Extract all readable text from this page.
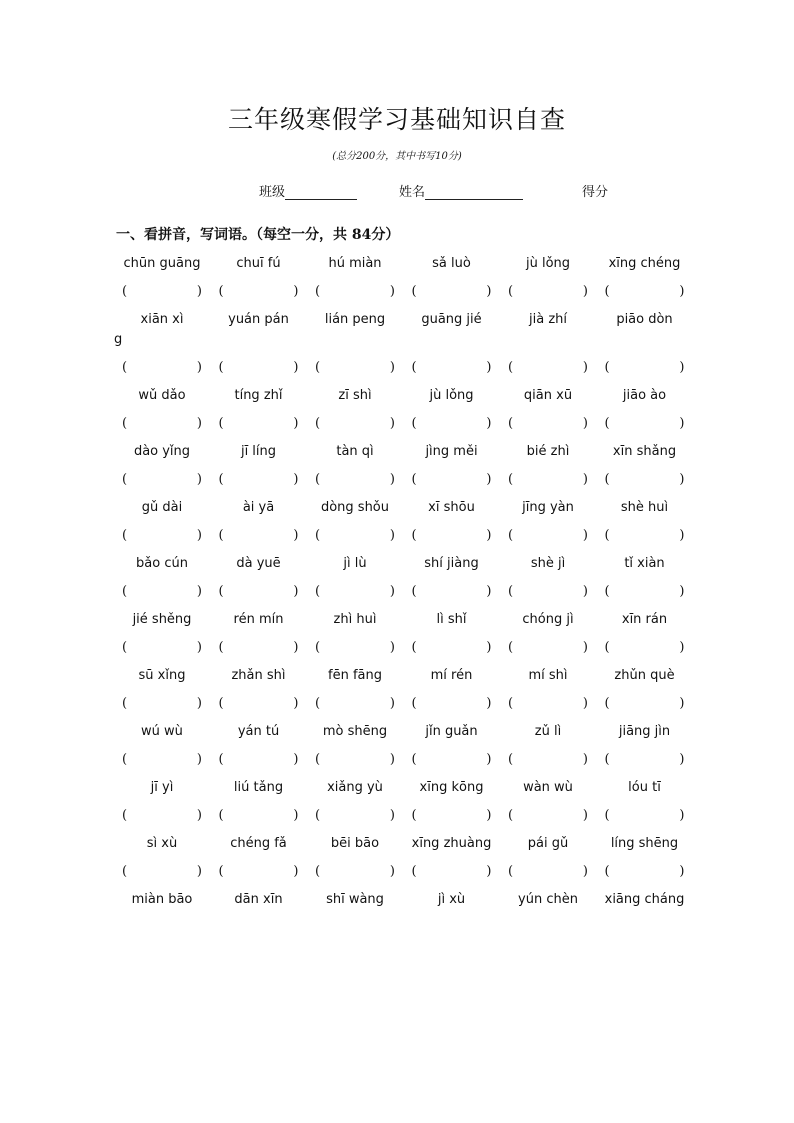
三年级寒假学习基础知识自查
(总分200分，其中书写10分)
班级	姓名	得分
一、看拼音，写词语。（每空一分，共 84分）
chūn guāng	chuī fú	hú miàn	sǎ luò	jù lǒng	xīng chéng
(	) (	) (	) (	) (	) (	)
xiān xì	yuán pán	lián peng	guāng jié	jià zhí	piāo dòn
g
(	) (	) (	) (	) (	) (	)
wǔ dǎo	tíng zhǐ	zī shì	jù lǒng	qiān xū	jiāo ào
(	) (	) (	) (	) (	) (	)
dào yǐng	jī líng	tàn qì	jìng měi	bié zhì	xīn shǎng
(	) (	) (	) (	) (	) (	)
gǔ dài	ài yā	dòng shǒu	xī shōu	jīng yàn	shè huì
(	) (	) (	) (	) (	) (	)
bǎo cún	dà yuē	jì lù	shí jiàng	shè jì	tǐ xiàn
(	) (	) (	) (	) (	) (	)
jié shěng	rén mín	zhì huì	lì shǐ	chóng jì	xīn rán
(	) (	) (	) (	) (	) (	)
sū xǐng	zhǎn shì	fēn fāng	mí rén	mí shì	zhǔn què
(	) (	) (	) (	) (	) (	)
wú wù	yán tú	mò shēng	jǐn guǎn	zǔ lì	jiāng jìn
(	) (	) (	) (	) (	) (	)
jī yì	liú tǎng	xiǎng yù	xīng kōng	wàn wù	lóu tī
(	) (	) (	) (	) (	) (	)
sì xù	chéng fǎ	bēi bāo	xīng zhuàng	pái gǔ	líng shēng
(	) (	) (	) (	) (	) (	)
miàn bāo	dān xīn	shī wàng	jì xù	yún chèn	xiāng cháng
